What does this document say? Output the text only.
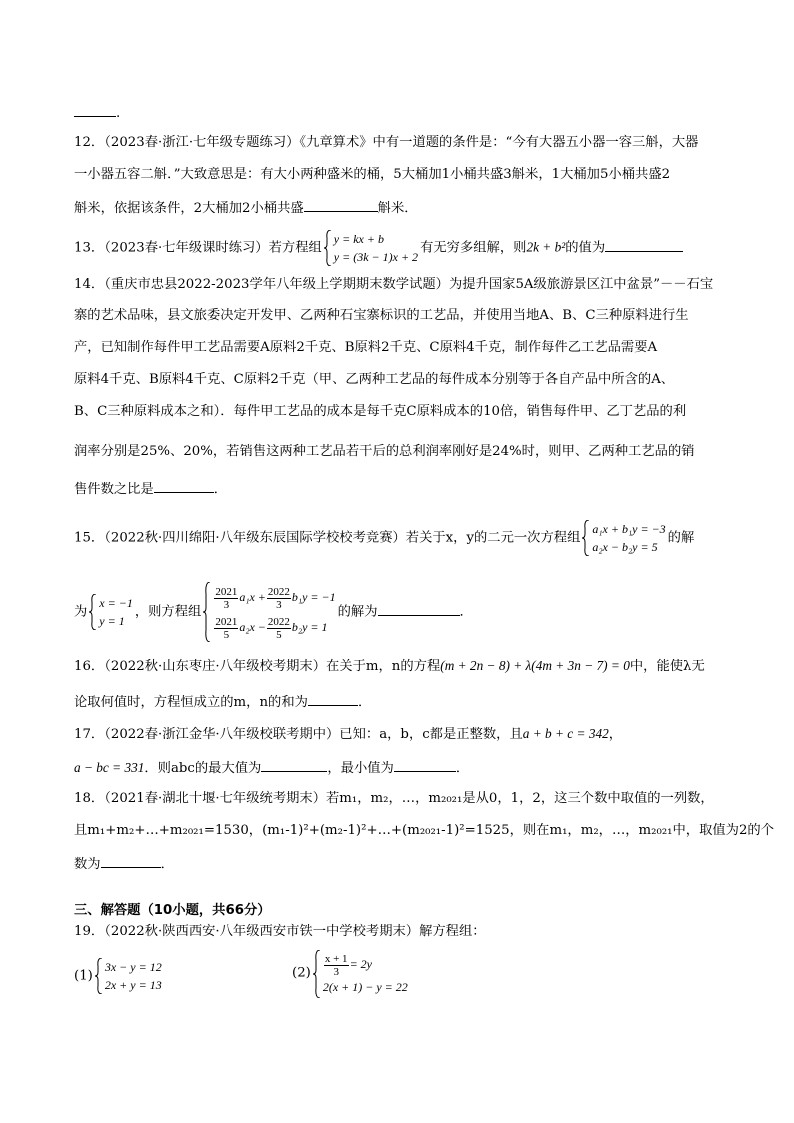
.
12．（2023春·浙江·七年级专题练习）《九章算术》中有一道题的条件是：“今有大器五小器一容三斛，大器
一小器五容二斛．”大致意思是：有大小两种盛米的桶，5大桶加1小桶共盛3斛米，1大桶加5小桶共盛2
斛米，依据该条件，2大桶加2小桶共盛	斛米．
13．（2023春·七年级课时练习）若方程组
y = kx + b
y = (3k − 1)x + 2
有无穷多组解，则2k + b²的值为
14．（重庆市忠县2022-2023学年八年级上学期期末数学试题）为提升国家5A级旅游景区江中盆景”－－石宝
寨的艺术品味，县文旅委决定开发甲、乙两种石宝寨标识的工艺品，并使用当地A、B、C三种原料进行生
产，已知制作每件甲工艺品需要A原料2千克、B原料2千克、C原料4千克，制作每件乙工艺品需要A
原料4千克、B原料4千克、C原料2千克（甲、乙两种工艺品的每件成本分别等于各自产品中所含的A、
B、C三种原料成本之和）．每件甲工艺品的成本是每千克C原料成本的10倍，销售每件甲、乙丁艺品的利
润率分别是25%、20%，若销售这两种工艺品若干后的总利润率刚好是24%时，则甲、乙两种工艺品的销
售件数之比是	．
15．（2022秋·四川绵阳·八年级东辰国际学校校考竞赛）若关于x，y的二元一次方程组
a₁x + b₁y = −3
a₂x − b₂y = 5
的解
为
x = −1
y = 1
，则方程组
$\frac{2021}{3} a_1x + \frac{2022}{3} b_1y = -1$
$\frac{2021}{5} a_2x - \frac{2022}{5} b_2y = 1$
的解为	．
16．（2022秋·山东枣庄·八年级校考期末）在关于m，n的方程(m + 2n − 8) + λ(4m + 3n − 7) = 0中，能使λ无
论取何值时，方程恒成立的m，n的和为	．
17．（2022春·浙江金华·八年级校联考期中）已知：a，b，c都是正整数，且a + b + c = 342，
a − bc = 331．则abc的最大值为	，最小值为	．
18．（2021春·湖北十堰·七年级统考期末）若m₁，m₂，…，m₂₀₂₁是从0，1，2，这三个数中取值的一列数，
且m₁+m₂+…+m₂₀₂₁=1530，(m₁-1)²+(m₂-1)²+…+(m₂₀₂₁-1)²=1525，则在m₁，m₂，…，m₂₀₂₁中，取值为2的个
数为	．
三、解答题（10小题，共66分）
19．（2022秋·陕西西安·八年级西安市铁一中学校考期末）解方程组：
(1)
3x − y = 12
2x + y = 13
$(2) \frac{x + 1}{3} = 2y$
2(x + 1) − y = 22
